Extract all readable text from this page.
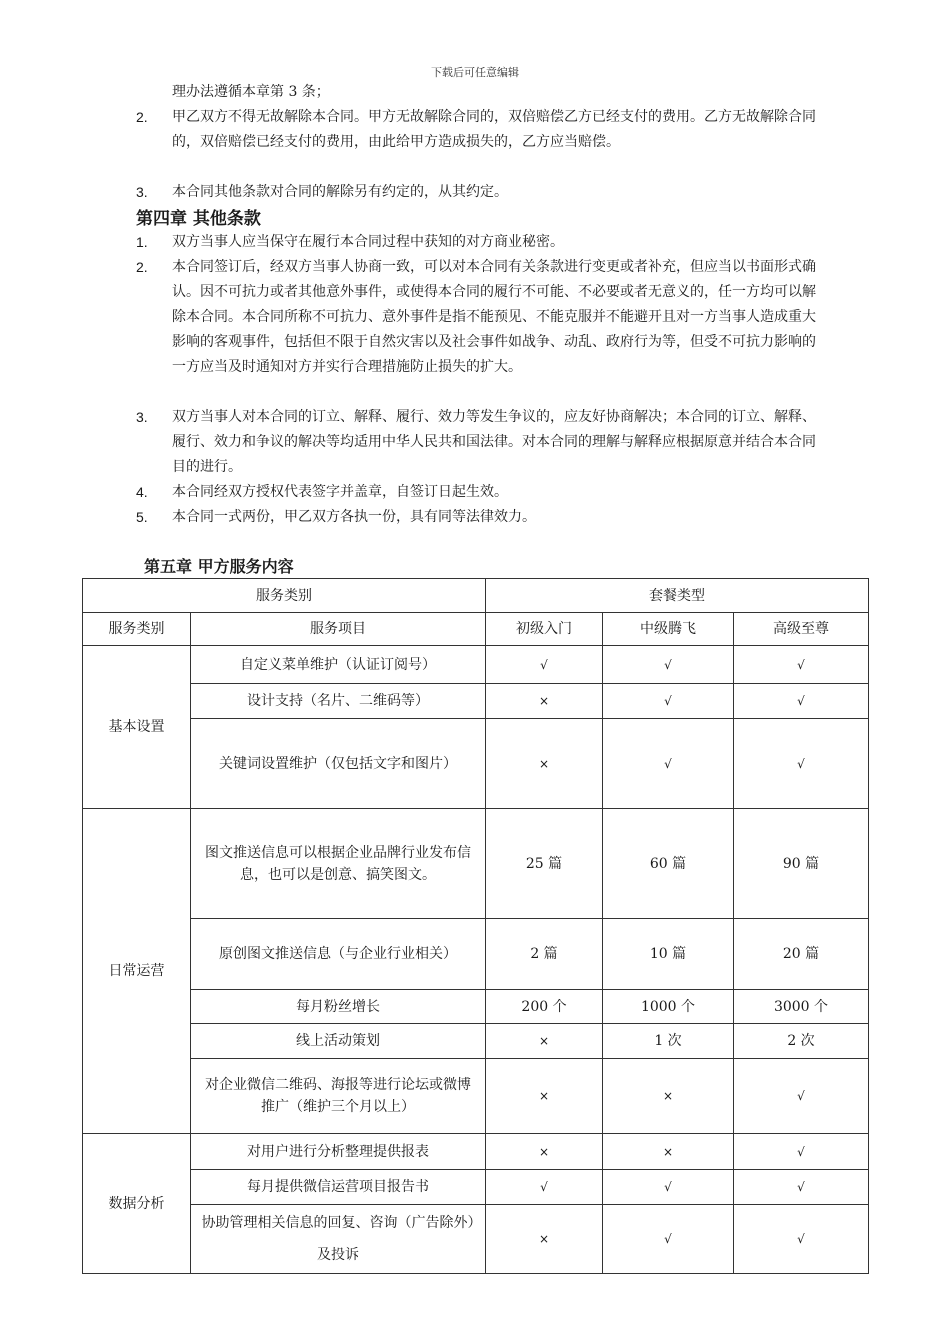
下载后可任意编辑
理办法遵循本章第 3 条；
2.	甲乙双方不得无故解除本合同。甲方无故解除合同的，双倍赔偿乙方已经支付的费用。乙方无故解除合同的，双倍赔偿已经支付的费用，由此给甲方造成损失的，乙方应当赔偿。
3.	本合同其他条款对合同的解除另有约定的，从其约定。
第四章 其他条款
1.	双方当事人应当保守在履行本合同过程中获知的对方商业秘密。
2.	本合同签订后，经双方当事人协商一致，可以对本合同有关条款进行变更或者补充，但应当以书面形式确认。因不可抗力或者其他意外事件，或使得本合同的履行不可能、不必要或者无意义的，任一方均可以解除本合同。本合同所称不可抗力、意外事件是指不能预见、不能克服并不能避开且对一方当事人造成重大影响的客观事件，包括但不限于自然灾害以及社会事件如战争、动乱、政府行为等，但受不可抗力影响的一方应当及时通知对方并实行合理措施防止损失的扩大。
3.	双方当事人对本合同的订立、解释、履行、效力等发生争议的，应友好协商解决；本合同的订立、解释、履行、效力和争议的解决等均适用中华人民共和国法律。对本合同的理解与解释应根据原意并结合本合同目的进行。
4.	本合同经双方授权代表签字并盖章，自签订日起生效。
5.	本合同一式两份，甲乙双方各执一份，具有同等法律效力。
第五章 甲方服务内容
服务类别		套餐类型		
服务类别	服务项目	初级入门	中级腾飞	高级至尊
基本设置	自定义菜单维护（认证订阅号）	√	√	√
	设计支持（名片、二维码等）	×	√	√
	关键词设置维护（仅包括文字和图片）	×	√	√
日常运营	图文推送信息可以根据企业品牌行业发布信息，也可以是创意、搞笑图文。	25 篇	60 篇	90 篇
	原创图文推送信息（与企业行业相关）	2 篇	10 篇	20 篇
	每月粉丝增长	200 个	1000 个	3000 个
	线上活动策划	×	1 次	2 次
	对企业微信二维码、海报等进行论坛或微博推广（维护三个月以上）	×	×	√
数据分析	对用户进行分析整理提供报表	×	×	√
	每月提供微信运营项目报告书	√	√	√
	协助管理相关信息的回复、咨询（广告除外）及投诉	×	√	√
